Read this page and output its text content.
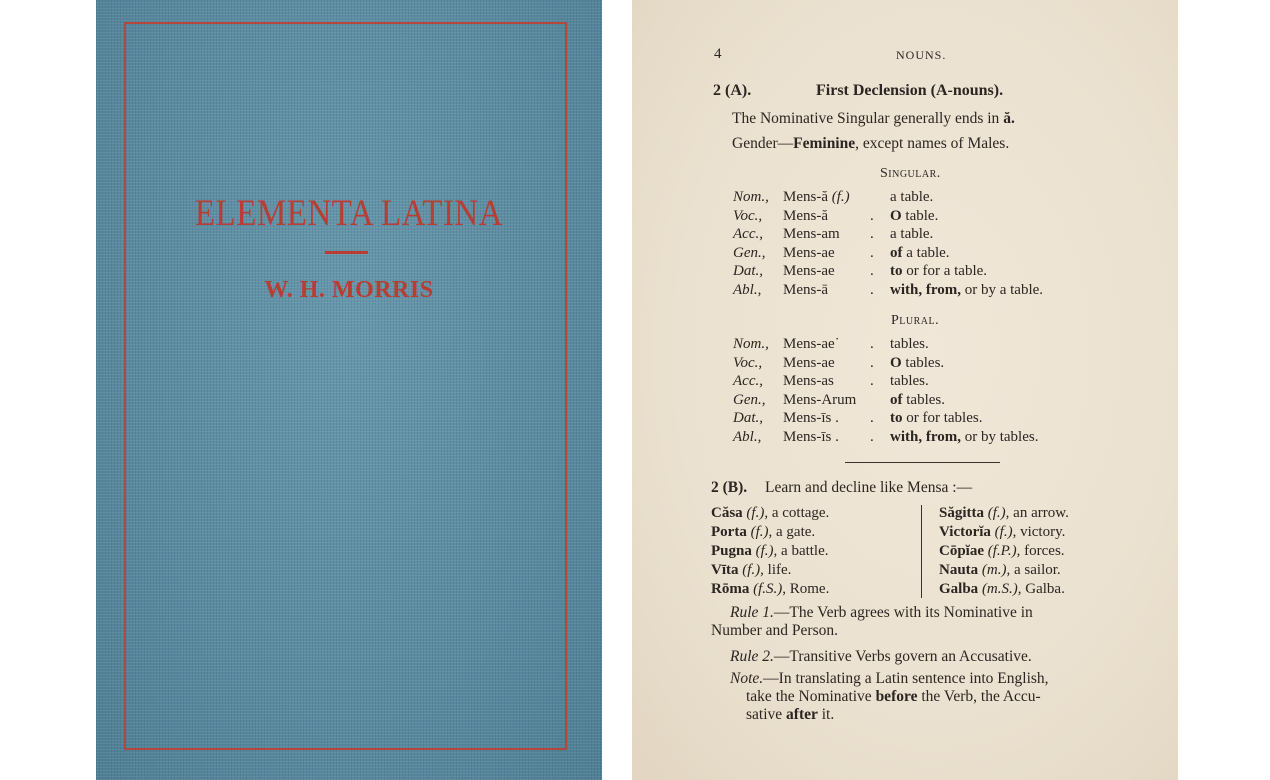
ELEMENTA LATINA
W. H. MORRIS
4	NOUNS.
2 (A).	First Declension (A-nouns).
The Nominative Singular generally ends in ă.
Gender—Feminine, except names of Males.
Singular.
Nom., Mens-ă (f.)	a table.
Voc., Mens-ă	. O table.
Acc., Mens-am . a table.
Gen., Mens-ae . of a table.
Dat., Mens-ae . to or for a table.
Abl., Mens-ā	. with, from, or by a table.
Plural.
Nom., Mens-ae˙ . tables.
Voc., Mens-ae . O tables.
Acc., Mens-as . tables.
Gen., Mens-Arum of tables.
Dat., Mens-īs . . to or for tables.
Abl., Mens-īs . . with, from, or by tables.
2 (B). Learn and decline like Mensa :—
Căsa (f.), a cottage.
Porta (f.), a gate.
Pugna (f.), a battle.
Vīta (f.), life.
Rōma (f.S.), Rome.
Săgitta (f.), an arrow.
Victorĭa (f.), victory.
Cōpĭae (f.P.), forces.
Nauta (m.), a sailor.
Galba (m.S.), Galba.
Rule 1.—The Verb agrees with its Nominative in
Number and Person.
Rule 2.—Transitive Verbs govern an Accusative.
Note.—In translating a Latin sentence into English,
take the Nominative before the Verb, the Accu-
sative after it.
